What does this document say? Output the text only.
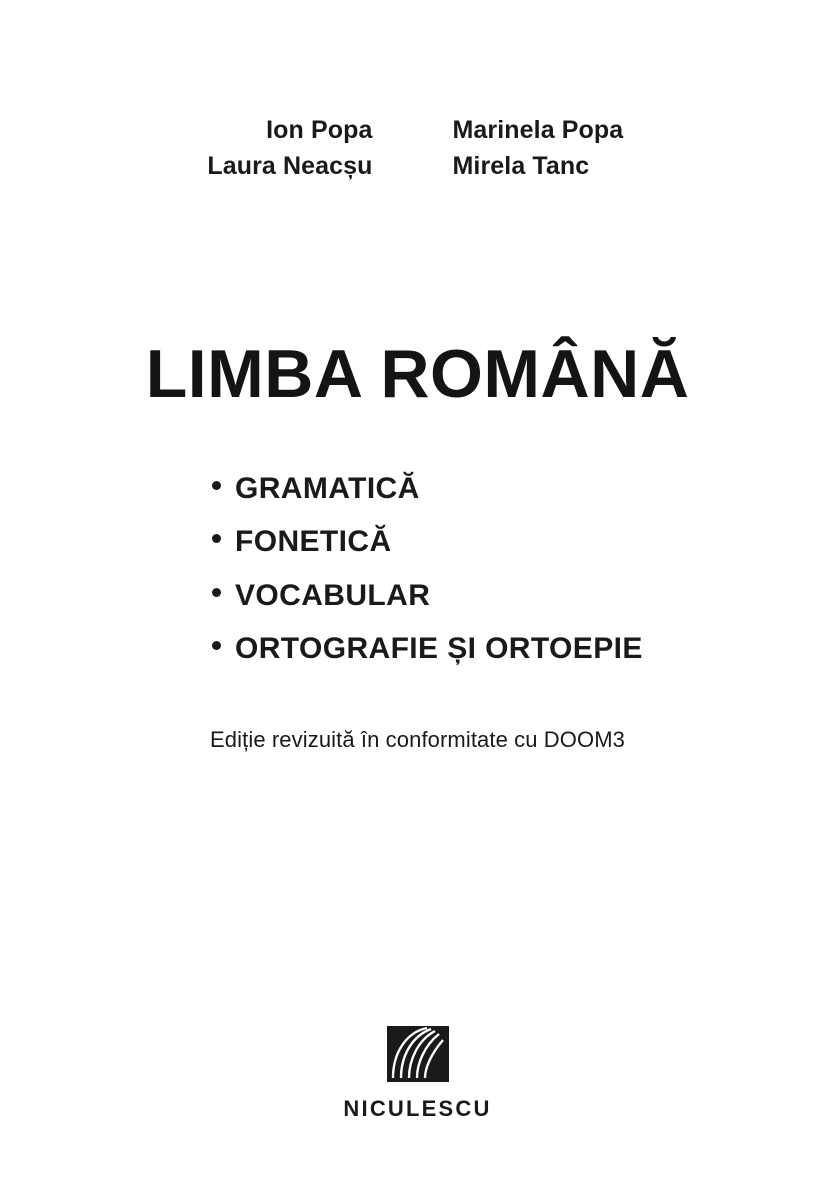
Ion Popa	Marinela Popa
Laura Neacșu	Mirela Tanc
LIMBA ROMÂNĂ
GRAMATICĂ
FONETICĂ
VOCABULAR
ORTOGRAFIE ȘI ORTOEPIE
Ediție revizuită în conformitate cu DOOM3
NICULESCU
